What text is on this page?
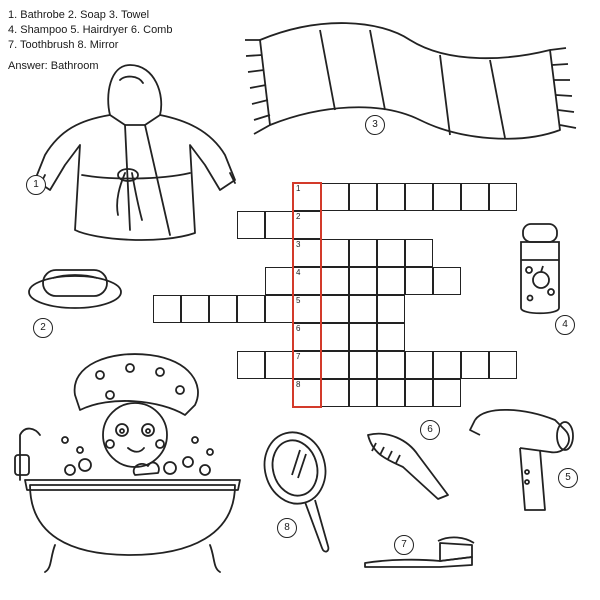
1. Bathrobe 2. Soap 3. Towel
4. Shampoo 5. Hairdryer 6. Comb
7. Toothbrush 8. Mirror
Answer: Bathroom
1
2
3
4
5
6
7
8
1
2
3
4
5
6
7
8
